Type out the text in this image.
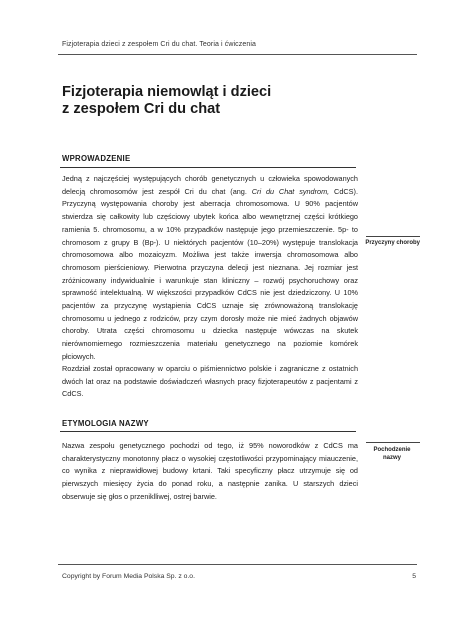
Fizjoterapia dzieci z zespołem Cri du chat. Teoria i ćwiczenia
Fizjoterapia niemowląt i dzieci
z zespołem Cri du chat
WPROWADZENIE

Jedną z najczęściej występujących chorób genetycznych u człowieka spowodowanych delecją chromosomów jest zespół Cri du chat (ang. Cri du Chat syndrom, CdCS). Przyczyną występowania choroby jest aberracja chromosomowa. U 90% pacjentów stwierdza się całkowity lub częściowy ubytek końca albo wewnętrznej części krótkiego ramienia 5. chromosomu, a w 10% przypadków następuje jego przemieszczenie. 5p- to chromosom z grupy B (Bp-). U niektórych pacjentów (10–20%) występuje translokacja chromosomowa albo mozaicyzm. Możliwa jest także inwersja chromosomowa albo chromosom pierścieniowy. Pierwotna przyczyna delecji jest nieznana. Jej rozmiar jest zróżnicowany indywidualnie i warunkuje stan kliniczny – rozwój psychoruchowy oraz sprawność intelektualną. W większości przypadków CdCS nie jest dziedziczony. U 10% pacjentów za przyczynę wystąpienia CdCS uznaje się zrównoważoną translokację chromosomu u jednego z rodziców, przy czym dorosły może nie mieć żadnych objawów choroby. Utrata części chromosomu u dziecka następuje wówczas na skutek nierównomiernego rozmieszczenia materiału genetycznego na poziomie komórek płciowych.

Przyczyny choroby

Rozdział został opracowany w oparciu o piśmiennictwo polskie i zagraniczne z ostatnich dwóch lat oraz na podstawie doświadczeń własnych pracy fizjoterapeutów z pacjentami z CdCS.

ETYMOLOGIA NAZWY

Nazwa zespołu genetycznego pochodzi od tego, iż 95% noworodków z CdCS ma charakterystyczny monotonny płacz o wysokiej częstotliwości przypominający miauczenie, co wynika z nieprawidłowej budowy krtani. Taki specyficzny płacz utrzymuje się od pierwszych miesięcy życia do ponad roku, a następnie zanika. U starszych dzieci obserwuje się głos o przeniklliwej, ostrej barwie.

Pochodzenie
nazwy
Copyright by Forum Media Polska Sp. z o.o.	5
